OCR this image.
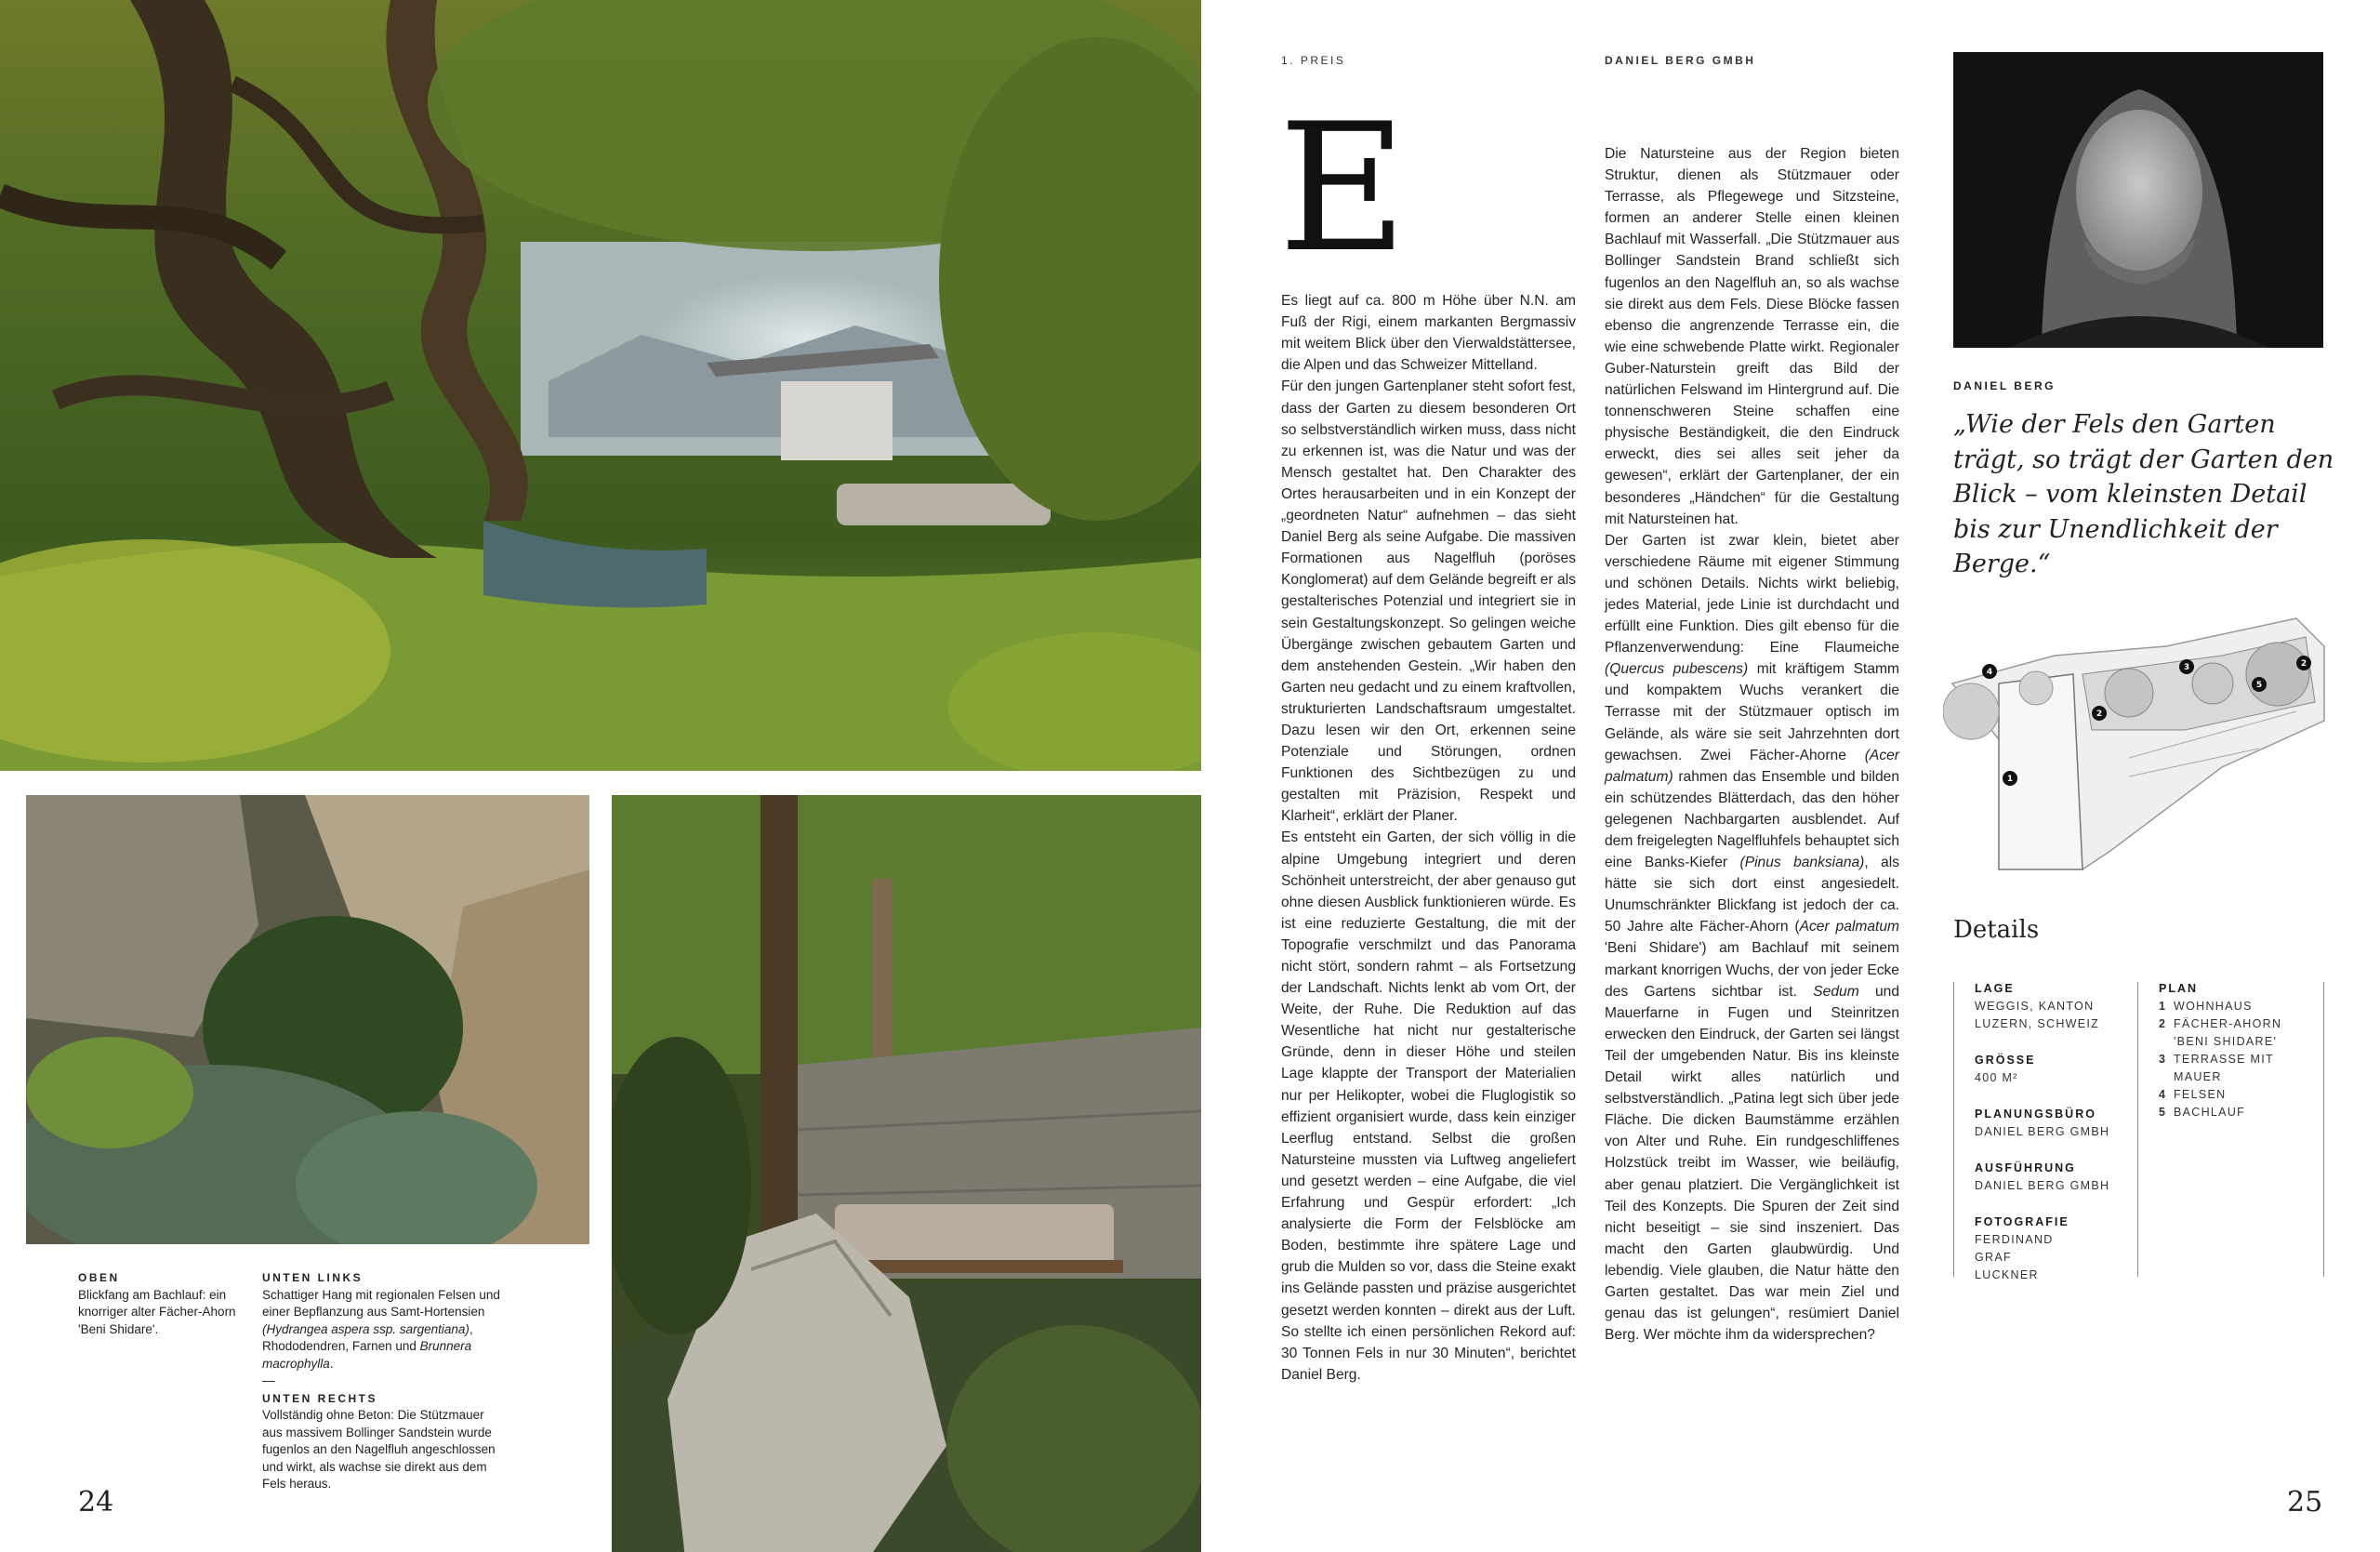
OBEN
Blickfang am Bachlauf: ein knorriger alter Fächer-Ahorn 'Beni Shidare'.
UNTEN LINKS
Schattiger Hang mit regionalen Felsen und einer Bepflanzung aus Samt-Hortensien (Hydrangea aspera ssp. sargentiana), Rhododendren, Farnen und Brunnera macrophylla.
—
UNTEN RECHTS
Vollständig ohne Beton: Die Stützmauer aus massivem Bollinger Sandstein wurde fugenlos an den Nagelfluh angeschlossen und wirkt, als wachse sie direkt aus dem Fels heraus.
24
1. PREIS	DANIEL BERG GMBH
E

Es liegt auf ca. 800 m Höhe über N.N. am Fuß der Rigi, einem markanten Bergmassiv mit weitem Blick über den Vierwaldstättersee, die Alpen und das Schweizer Mittelland.
Für den jungen Gartenplaner steht sofort fest, dass der Garten zu diesem besonderen Ort so selbstverständlich wirken muss, dass nicht zu erkennen ist, was die Natur und was der Mensch gestaltet hat. Den Charakter des Ortes herausarbeiten und in ein Konzept der „geordneten Natur“ aufnehmen – das sieht Daniel Berg als seine Aufgabe. Die massiven Formationen aus Nagelfluh (poröses Konglomerat) auf dem Gelände begreift er als gestalterisches Potenzial und integriert sie in sein Gestaltungskonzept. So gelingen weiche Übergänge zwischen gebautem Garten und dem anstehenden Gestein. „Wir haben den Garten neu gedacht und zu einem kraftvollen, strukturierten Landschaftsraum umgestaltet. Dazu lesen wir den Ort, erkennen seine Potenziale und Störungen, ordnen Funktionen des Sichtbezügen zu und gestalten mit Präzision, Respekt und Klarheit“, erklärt der Planer.
Es entsteht ein Garten, der sich völlig in die alpine Umgebung integriert und deren Schönheit unterstreicht, der aber genauso gut ohne diesen Ausblick funktionieren würde. Es ist eine reduzierte Gestaltung, die mit der Topografie verschmilzt und das Panorama nicht stört, sondern rahmt – als Fortsetzung der Landschaft. Nichts lenkt ab vom Ort, der Weite, der Ruhe. Die Reduktion auf das Wesentliche hat nicht nur gestalterische Gründe, denn in dieser Höhe und steilen Lage klappte der Transport der Materialien nur per Helikopter, wobei die Fluglogistik so effizient organisiert wurde, dass kein einziger Leerflug entstand. Selbst die großen Natursteine mussten via Luftweg angeliefert und gesetzt werden – eine Aufgabe, die viel Erfahrung und Gespür erfordert: „Ich analysierte die Form der Felsblöcke am Boden, bestimmte ihre spätere Lage und grub die Mulden so vor, dass die Steine exakt ins Gelände passten und präzise ausgerichtet gesetzt werden konnten – direkt aus der Luft. So stellte ich einen persönlichen Rekord auf: 30 Tonnen Fels in nur 30 Minuten“, berichtet Daniel Berg.

Die Natursteine aus der Region bieten Struktur, dienen als Stützmauer oder Terrasse, als Pflegewege und Sitzsteine, formen an anderer Stelle einen kleinen Bachlauf mit Wasserfall. „Die Stützmauer aus Bollinger Sandstein Brand schließt sich fugenlos an den Nagelfluh an, so als wachse sie direkt aus dem Fels. Diese Blöcke fassen ebenso die angrenzende Terrasse ein, die wie eine schwebende Platte wirkt. Regionaler Guber-Naturstein greift das Bild der natürlichen Felswand im Hintergrund auf. Die tonnenschweren Steine schaffen eine physische Beständigkeit, die den Eindruck erweckt, dies sei alles seit jeher da gewesen“, erklärt der Gartenplaner, der ein besonderes „Händchen“ für die Gestaltung mit Natursteinen hat.
Der Garten ist zwar klein, bietet aber verschiedene Räume mit eigener Stimmung und schönen Details. Nichts wirkt beliebig, jedes Material, jede Linie ist durchdacht und erfüllt eine Funktion. Dies gilt ebenso für die Pflanzenverwendung: Eine Flaumeiche (Quercus pubescens) mit kräftigem Stamm und kompaktem Wuchs verankert die Terrasse mit der Stützmauer optisch im Gelände, als wäre sie seit Jahrzehnten dort gewachsen. Zwei Fächer-Ahorne (Acer palmatum) rahmen das Ensemble und bilden ein schützendes Blätterdach, das den höher gelegenen Nachbargarten ausblendet. Auf dem freigelegten Nagelfluhfels behauptet sich eine Banks-Kiefer (Pinus banksiana), als hätte sie sich dort einst angesiedelt. Unumschränkter Blickfang ist jedoch der ca. 50 Jahre alte Fächer-Ahorn (Acer palmatum 'Beni Shidare') am Bachlauf mit seinem markant knorrigen Wuchs, der von jeder Ecke des Gartens sichtbar ist. Sedum und Mauerfarne in Fugen und Steinritzen erwecken den Eindruck, der Garten sei längst Teil der umgebenden Natur. Bis ins kleinste Detail wirkt alles natürlich und selbstverständlich. „Patina legt sich über jede Fläche. Die dicken Baumstämme erzählen von Alter und Ruhe. Ein rundgeschliffenes Holzstück treibt im Wasser, wie beiläufig, aber genau platziert. Die Vergänglichkeit ist Teil des Konzepts. Die Spuren der Zeit sind nicht beseitigt – sie sind inszeniert. Das macht den Garten glaubwürdig. Und lebendig. Viele glauben, die Natur hätte den Garten gestaltet. Das war mein Ziel und genau das ist gelungen“, resümiert Daniel Berg. Wer möchte ihm da widersprechen?
DANIEL BERG
„Wie der Fels den Garten trägt, so trägt der Garten den Blick – vom kleinsten Detail bis zur Unendlichkeit der Berge.“
1
2
3
4
5
2
Details
LAGE
WEGGIS, KANTON LUZERN, SCHWEIZ
GRÖSSE
400 M²
PLANUNGSBÜRO
DANIEL BERG GMBH
AUSFÜHRUNG
DANIEL BERG GMBH
FOTOGRAFIE
FERDINAND GRAF LUCKNER
PLAN
1 WOHNHAUS
2 FÄCHER-AHORN
'BENI SHIDARE'
3 TERRASSE MIT
MAUER
4 FELSEN
5 BACHLAUF
25
